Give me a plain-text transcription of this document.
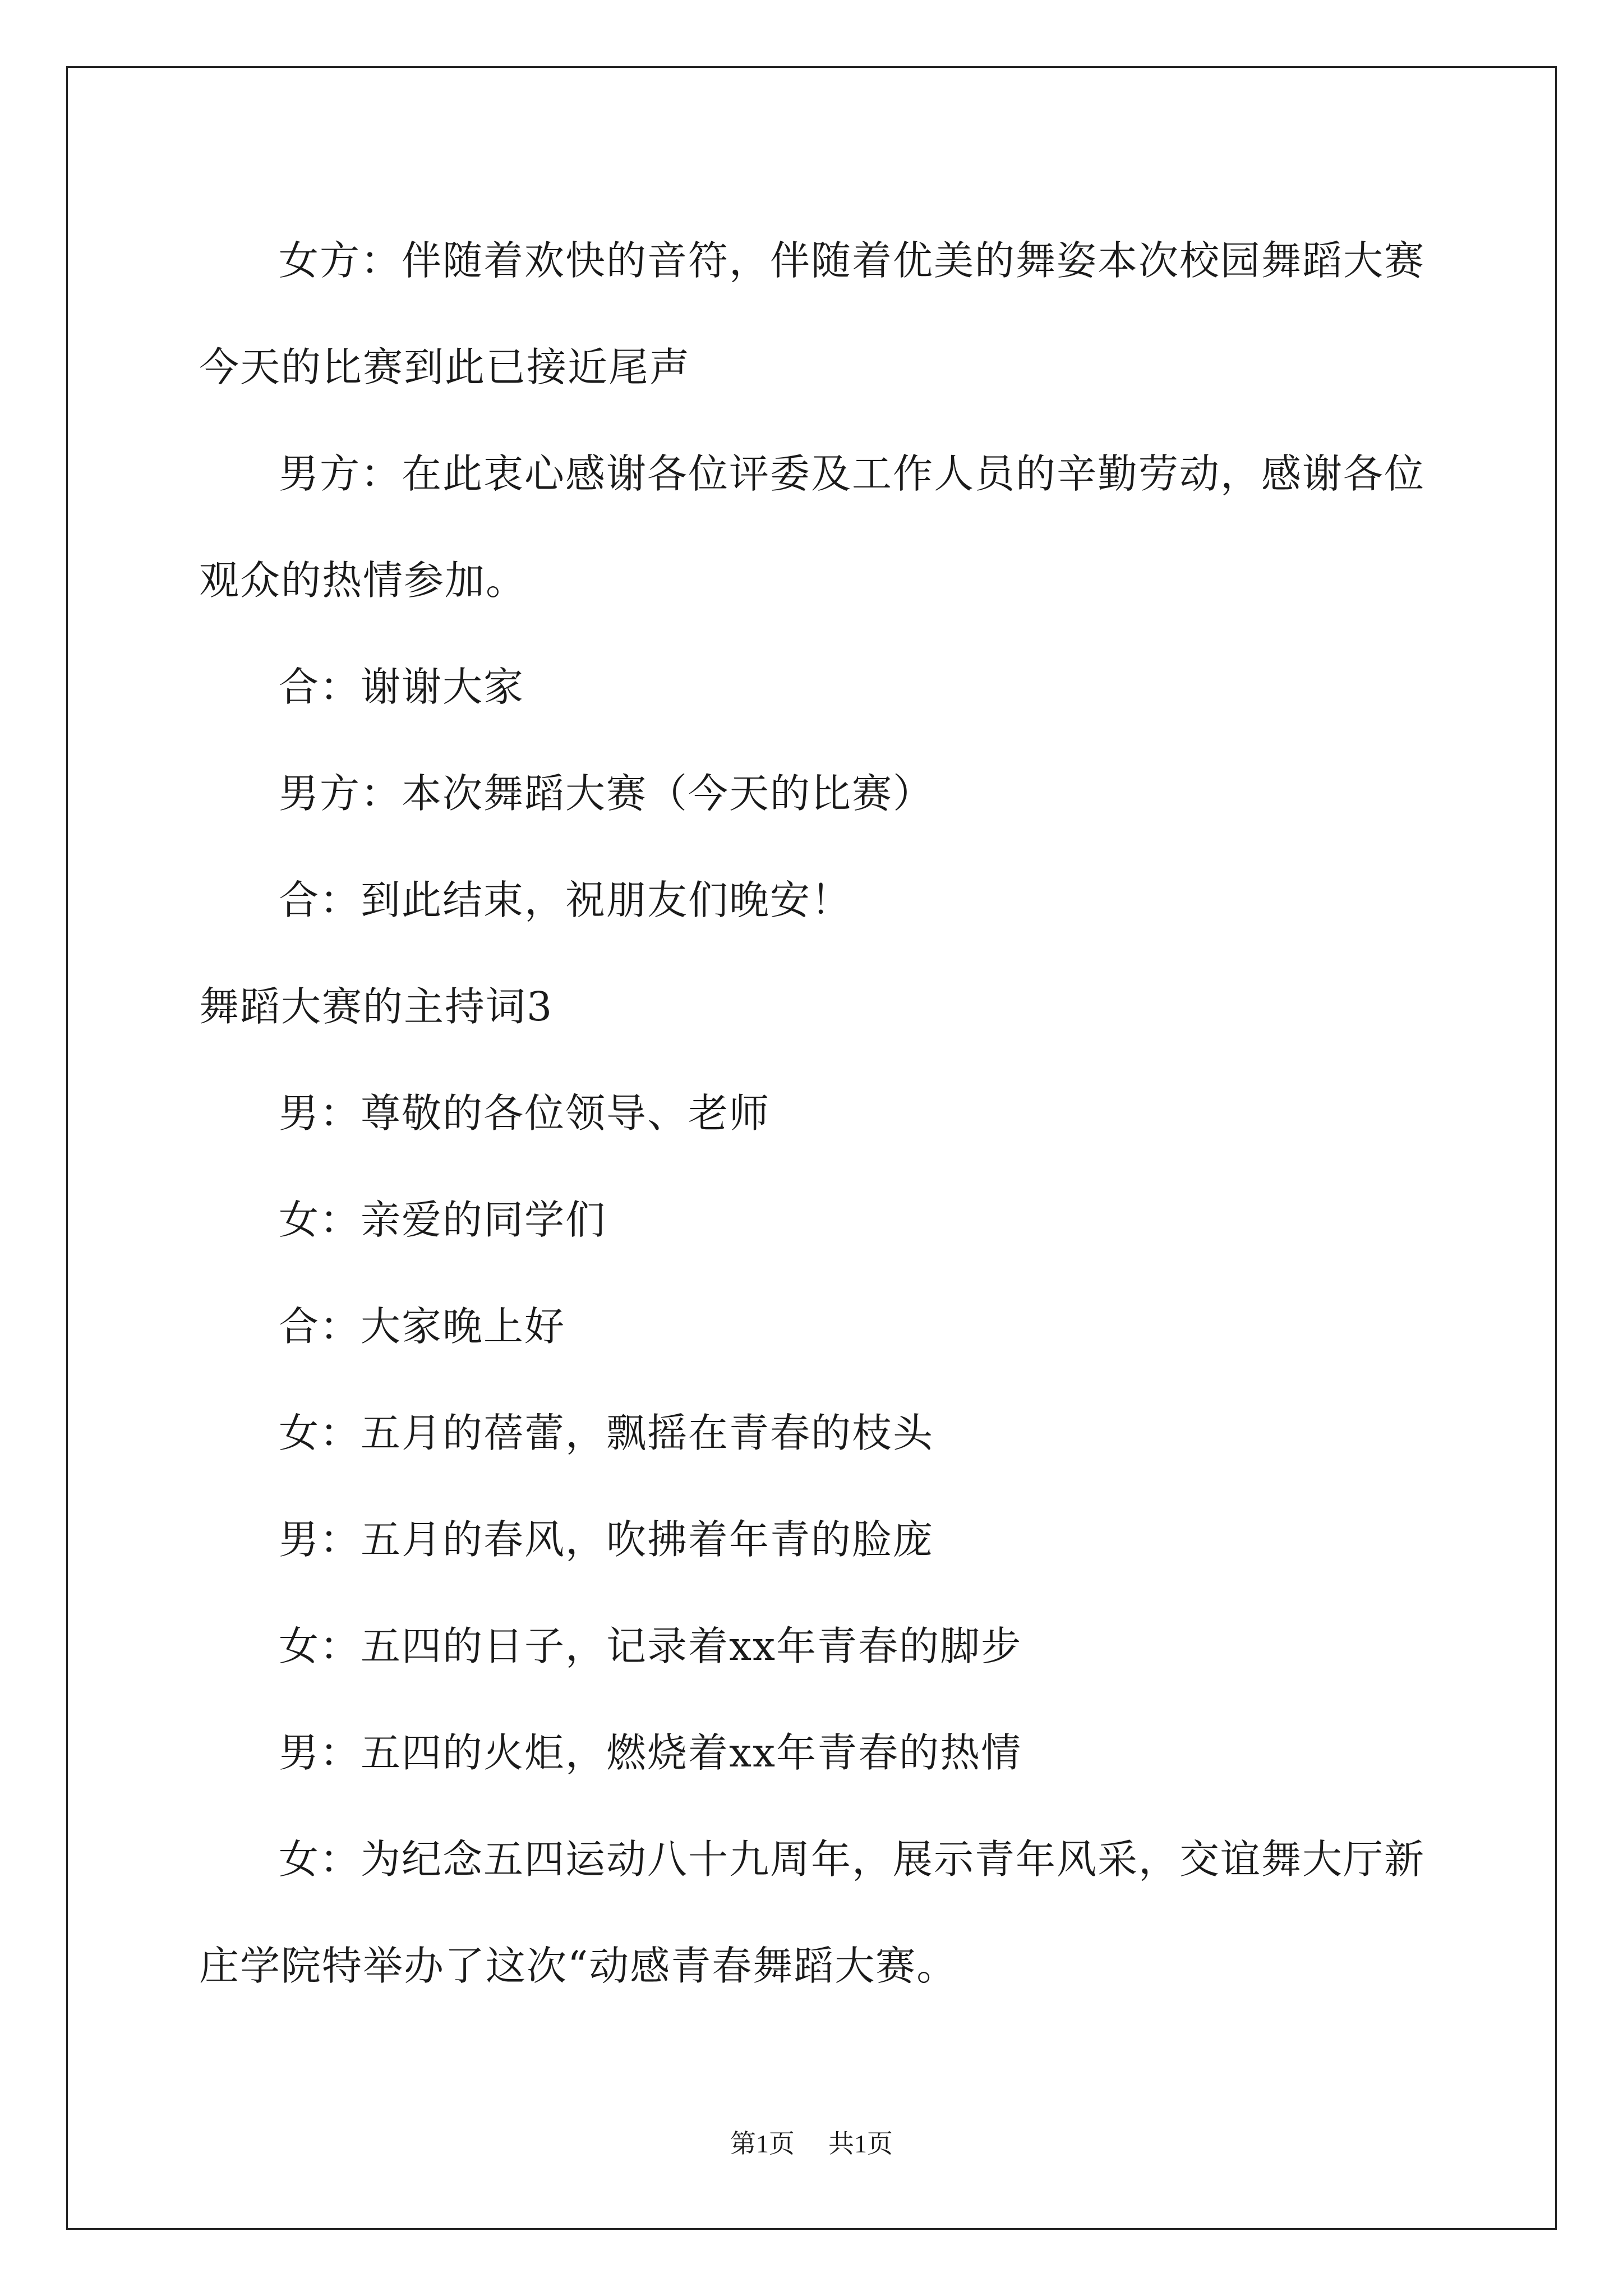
女方：伴随着欢快的音符，伴随着优美的舞姿本次校园舞蹈大赛今天的比赛到此已接近尾声

男方：在此衷心感谢各位评委及工作人员的辛勤劳动，感谢各位观众的热情参加。

合：谢谢大家

男方：本次舞蹈大赛（今天的比赛）

合：到此结束，祝朋友们晚安！

舞蹈大赛的主持词3

男：尊敬的各位领导、老师

女：亲爱的同学们

合：大家晚上好

女：五月的蓓蕾，飘摇在青春的枝头

男：五月的春风，吹拂着年青的脸庞

女：五四的日子，记录着xx年青春的脚步

男：五四的火炬，燃烧着xx年青春的热情

女：为纪念五四运动八十九周年，展示青年风采，交谊舞大厅新庄学院特举办了这次“动感青春舞蹈大赛。

第1页 共1页
